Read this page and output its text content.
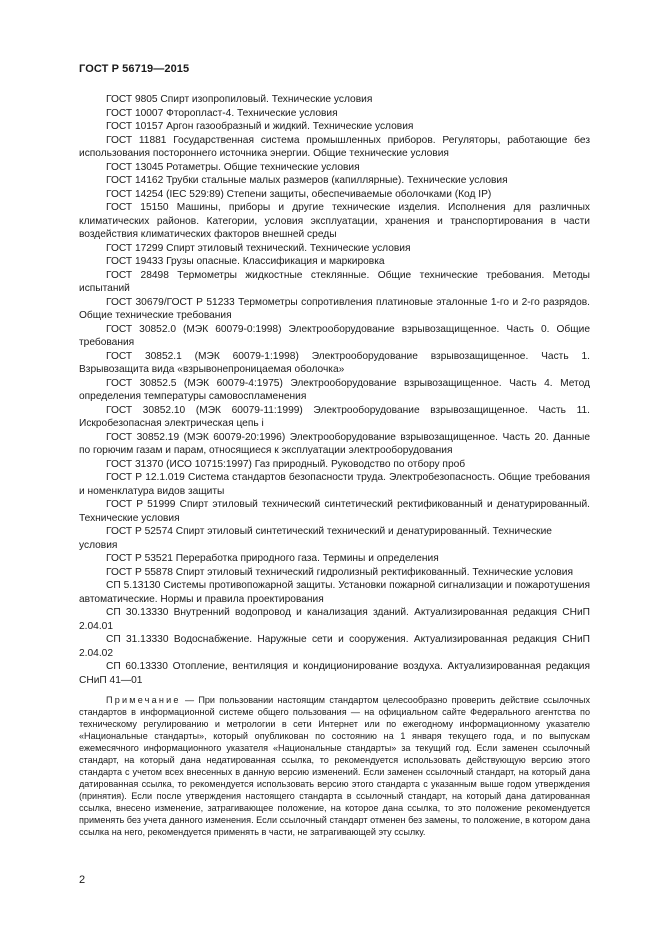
ГОСТ Р 56719—2015

ГОСТ 9805 Спирт изопропиловый. Технические условия

ГОСТ 10007 Фторопласт-4. Технические условия

ГОСТ 10157 Аргон газообразный и жидкий. Технические условия

ГОСТ 11881 Государственная система промышленных приборов. Регуляторы, работающие без использования постороннего источника энергии. Общие технические условия

ГОСТ 13045 Ротаметры. Общие технические условия

ГОСТ 14162 Трубки стальные малых размеров (капиллярные). Технические условия

ГОСТ 14254 (IEC 529:89) Степени защиты, обеспечиваемые оболочками (Код IP)

ГОСТ 15150 Машины, приборы и другие технические изделия. Исполнения для различных климатических районов. Категории, условия эксплуатации, хранения и транспортирования в части воздействия климатических факторов внешней среды

ГОСТ 17299 Спирт этиловый технический. Технические условия

ГОСТ 19433 Грузы опасные. Классификация и маркировка

ГОСТ 28498 Термометры жидкостные стеклянные. Общие технические требования. Методы испытаний

ГОСТ 30679/ГОСТ Р 51233 Термометры сопротивления платиновые эталонные 1-го и 2-го разрядов. Общие технические требования

ГОСТ 30852.0 (МЭК 60079-0:1998) Электрооборудование взрывозащищенное. Часть 0. Общие требования

ГОСТ 30852.1 (МЭК 60079-1:1998) Электрооборудование взрывозащищенное. Часть 1. Взрывозащита вида «взрывонепроницаемая оболочка»

ГОСТ 30852.5 (МЭК 60079-4:1975) Электрооборудование взрывозащищенное. Часть 4. Метод определения температуры самовоспламенения

ГОСТ 30852.10 (МЭК 60079-11:1999) Электрооборудование взрывозащищенное. Часть 11. Искробезопасная электрическая цепь i

ГОСТ 30852.19 (МЭК 60079-20:1996) Электрооборудование взрывозащищенное. Часть 20. Данные по горючим газам и парам, относящиеся к эксплуатации электрооборудования

ГОСТ 31370 (ИСО 10715:1997) Газ природный. Руководство по отбору проб

ГОСТ Р 12.1.019 Система стандартов безопасности труда. Электробезопасность. Общие требования и номенклатура видов защиты

ГОСТ Р 51999 Спирт этиловый технический синтетический ректификованный и денатурированный. Технические условия

ГОСТ Р 52574 Спирт этиловый синтетический технический и денатурированный. Технические условия

ГОСТ Р 53521 Переработка природного газа. Термины и определения

ГОСТ Р 55878 Спирт этиловый технический гидролизный ректификованный. Технические условия

СП 5.13130 Системы противопожарной защиты. Установки пожарной сигнализации и пожаротушения автоматические. Нормы и правила проектирования

СП 30.13330 Внутренний водопровод и канализация зданий. Актуализированная редакция СНиП 2.04.01

СП 31.13330 Водоснабжение. Наружные сети и сооружения. Актуализированная редакция СНиП 2.04.02

СП 60.13330 Отопление, вентиляция и кондиционирование воздуха. Актуализированная редакция СНиП 41—01

Примечание — При пользовании настоящим стандартом целесообразно проверить действие ссылочных стандартов в информационной системе общего пользования — на официальном сайте Федерального агентства по техническому регулированию и метрологии в сети Интернет или по ежегодному информационному указателю «Национальные стандарты», который опубликован по состоянию на 1 января текущего года, и по выпускам ежемесячного информационного указателя «Национальные стандарты» за текущий год. Если заменен ссылочный стандарт, на который дана недатированная ссылка, то рекомендуется использовать действующую версию этого стандарта с учетом всех внесенных в данную версию изменений. Если заменен ссылочный стандарт, на который дана датированная ссылка, то рекомендуется использовать версию этого стандарта с указанным выше годом утверждения (принятия). Если после утверждения настоящего стандарта в ссылочный стандарт, на который дана датированная ссылка, внесено изменение, затрагивающее положение, на которое дана ссылка, то это положение рекомендуется применять без учета данного изменения. Если ссылочный стандарт отменен без замены, то положение, в котором дана ссылка на него, рекомендуется применять в части, не затрагивающей эту ссылку.
2
